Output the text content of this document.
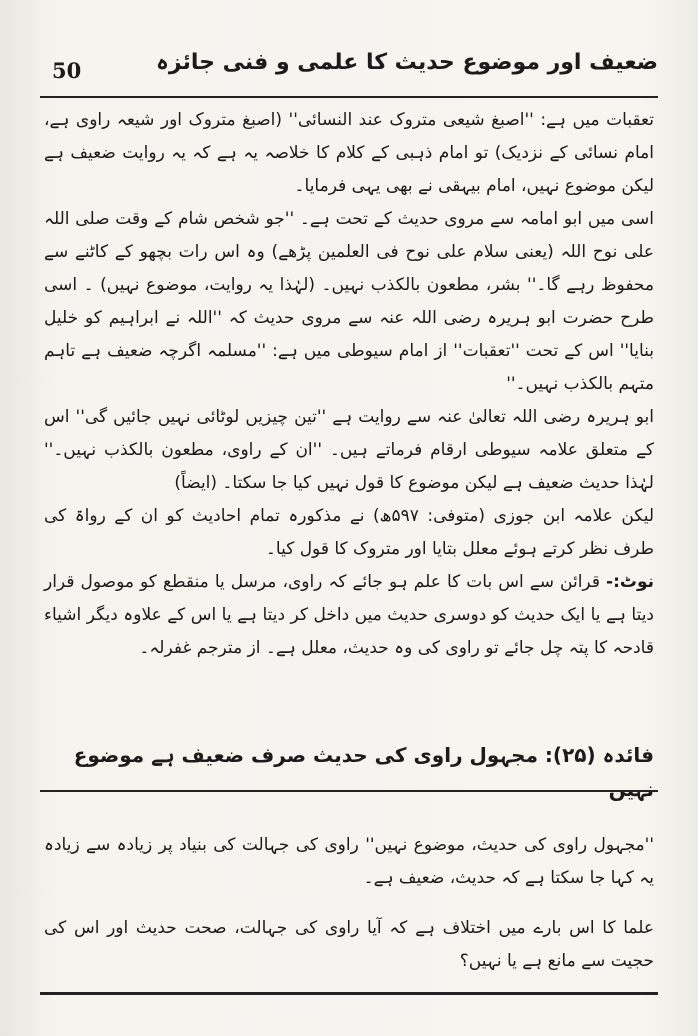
50	ضعیف اور موضوع حدیث کا علمی و فنی جائزہ

تعقبات میں ہے: ''اصبغ شیعی متروک عند النسائی'' (اصبغ متروک اور شیعہ راوی ہے، امام نسائی کے نزدیک) تو امام ذہبی کے کلام کا خلاصہ یہ ہے کہ یہ روایت ضعیف ہے لیکن موضوع نہیں، امام بیہقی نے بھی یہی فرمایا۔

اسی میں ابو امامہ سے مروی حدیث کے تحت ہے۔ ''جو شخص شام کے وقت صلی اللہ علی نوح اللہ (یعنی سلام علی نوح فی العلمین پڑھے) وہ اس رات بچھو کے کاٹنے سے محفوظ رہے گا۔'' بشر، مطعون بالکذب نہیں۔ (لہٰذا یہ روایت، موضوع نہیں) ۔ اسی طرح حضرت ابو ہریرہ رضی اللہ عنہ سے مروی حدیث کہ ''اللہ نے ابراہیم کو خلیل بنایا'' اس کے تحت ''تعقبات'' از امام سیوطی میں ہے: ''مسلمہ اگرچہ ضعیف ہے تاہم متہم بالکذب نہیں۔''

ابو ہریرہ رضی اللہ تعالیٰ عنہ سے روایت ہے ''تین چیزیں لوٹائی نہیں جائیں گی'' اس کے متعلق علامہ سیوطی ارقام فرماتے ہیں۔ ''ان کے راوی، مطعون بالکذب نہیں۔'' لہٰذا حدیث ضعیف ہے لیکن موضوع کا قول نہیں کیا جا سکتا۔ (ایضاً)

لیکن علامہ ابن جوزی (متوفی: ۵۹۷ھ) نے مذکورہ تمام احادیث کو ان کے رواۃ کی طرف نظر کرتے ہوئے معلل بتایا اور متروک کا قول کیا۔

نوٹ:- قرائن سے اس بات کا علم ہو جائے کہ راوی، مرسل یا منقطع کو موصول قرار دیتا ہے یا ایک حدیث کو دوسری حدیث میں داخل کر دیتا ہے یا اس کے علاوہ دیگر اشیاء قادحہ کا پتہ چل جائے تو راوی کی وہ حدیث، معلل ہے۔ از مترجم غفرلہ۔

فائدہ (۲۵): مجہول راوی کی حدیث صرف ضعیف ہے موضوع نہیں

''مجہول راوی کی حدیث، موضوع نہیں'' راوی کی جہالت کی بنیاد پر زیادہ سے زیادہ یہ کہا جا سکتا ہے کہ حدیث، ضعیف ہے۔

علما کا اس بارے میں اختلاف ہے کہ آیا راوی کی جہالت، صحت حدیث اور اس کی حجیت سے مانع ہے یا نہیں؟
